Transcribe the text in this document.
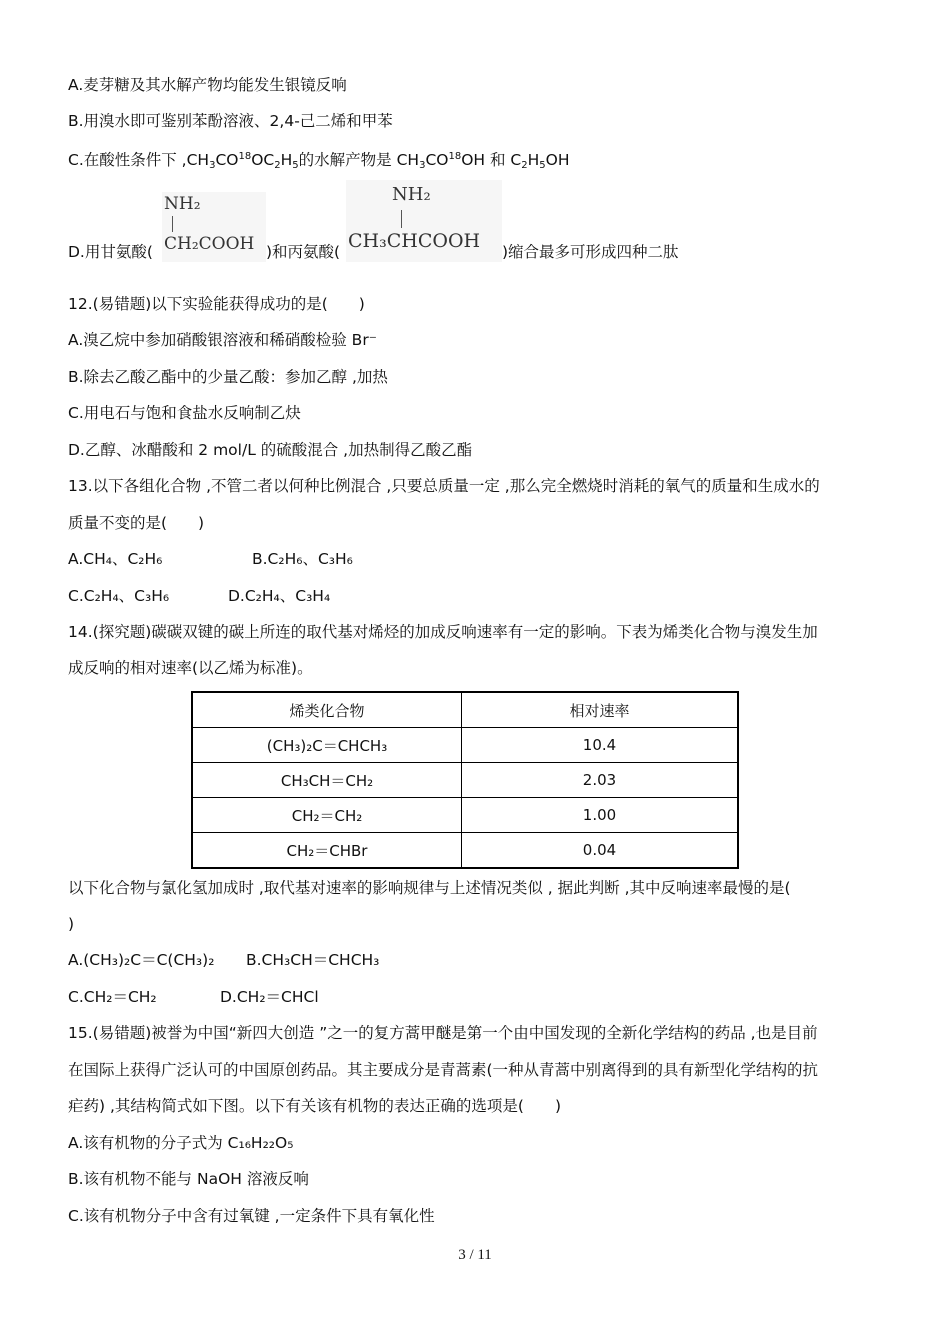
A.麦芽糖及其水解产物均能发生银镜反响
B.用溴水即可鉴别苯酚溶液、2,4-己二烯和甲苯
C.在酸性条件下 $,CH_3CO^{18}OC_2H_5$的水解产物是 $CH_3CO^{18}OH$ 和 $C_2H_5OH$
NH₂
CH₂COOH
NH₂
CH₃CHCOOH
D.用甘氨酸(	)和丙氨酸(	)缩合最多可形成四种二肽
12.(易错题)以下实验能获得成功的是(　　)
A.溴乙烷中参加硝酸银溶液和稀硝酸检验 Br⁻
B.除去乙酸乙酯中的少量乙酸：参加乙醇 ,加热
C.用电石与饱和食盐水反响制乙炔
D.乙醇、冰醋酸和 2 mol/L 的硫酸混合 ,加热制得乙酸乙酯
13.以下各组化合物 ,不管二者以何种比例混合 ,只要总质量一定 ,那么完全燃烧时消耗的氧气的质量和生成水的
质量不变的是(　　)
A.CH₄、C₂H₆	B.C₂H₆、C₃H₆
C.C₂H₄、C₃H₆	D.C₂H₄、C₃H₄
14.(探究题)碳碳双键的碳上所连的取代基对烯烃的加成反响速率有一定的影响。下表为烯类化合物与溴发生加
成反响的相对速率(以乙烯为标准)。
烯类化合物	相对速率
(CH₃)₂C＝CHCH₃	10.4
CH₃CH＝CH₂	2.03
CH₂＝CH₂	1.00
CH₂＝CHBr	0.04
以下化合物与氯化氢加成时 ,取代基对速率的影响规律与上述情况类似 , 据此判断 ,其中反响速率最慢的是(
)
A.(CH₃)₂C＝C(CH₃)₂ B.CH₃CH＝CHCH₃
C.CH₂＝CH₂	D.CH₂＝CHCl
15.(易错题)被誉为中国“新四大创造 ”之一的复方蒿甲醚是第一个由中国发现的全新化学结构的药品 ,也是目前
在国际上获得广泛认可的中国原创药品。其主要成分是青蒿素(一种从青蒿中别离得到的具有新型化学结构的抗
疟药) ,其结构简式如下图。以下有关该有机物的表达正确的选项是(　　)
A.该有机物的分子式为 C₁₆H₂₂O₅
B.该有机物不能与 NaOH 溶液反响
C.该有机物分子中含有过氧键 ,一定条件下具有氧化性
3 / 11
